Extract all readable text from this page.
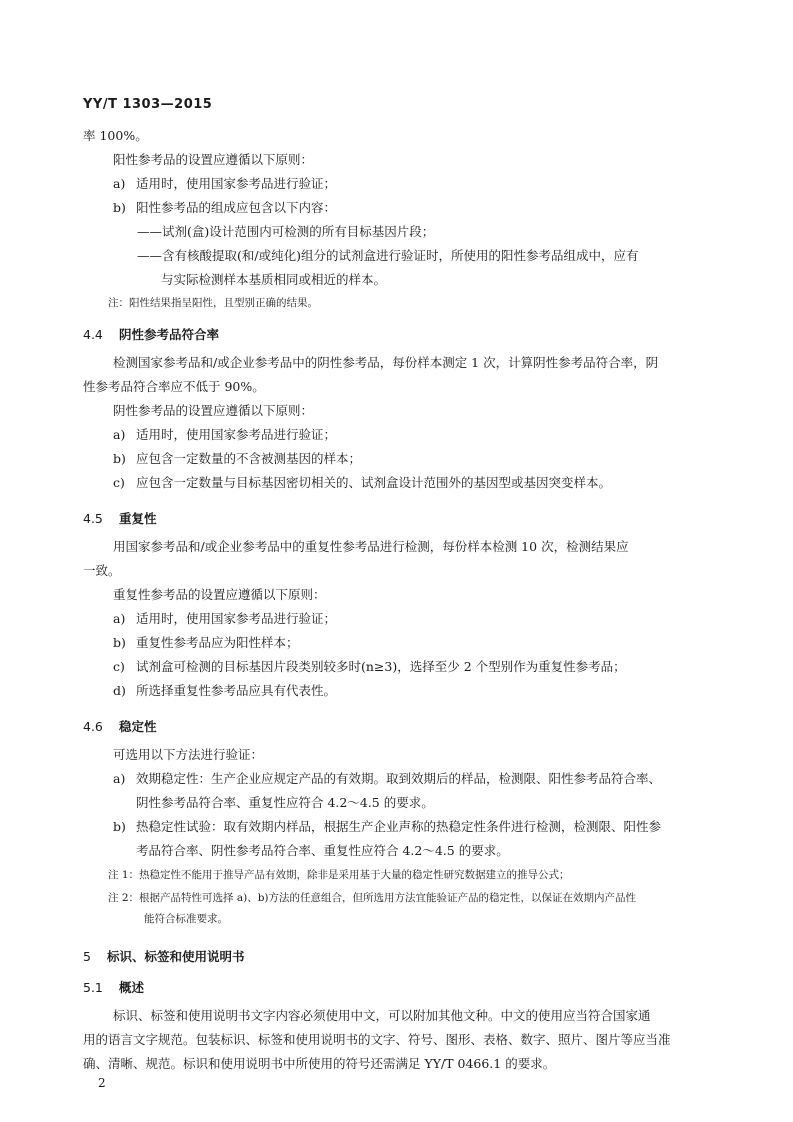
YY/T 1303—2015
率 100%。
阳性参考品的设置应遵循以下原则：
a) 适用时，使用国家参考品进行验证；
b) 阳性参考品的组成应包含以下内容：
——试剂(盒)设计范围内可检测的所有目标基因片段；
——含有核酸提取(和/或纯化)组分的试剂盒进行验证时，所使用的阳性参考品组成中，应有
与实际检测样本基质相同或相近的样本。
注：阳性结果指呈阳性，且型别正确的结果。
4.4 阴性参考品符合率
检测国家参考品和/或企业参考品中的阴性参考品，每份样本测定 1 次，计算阴性参考品符合率，阴
性参考品符合率应不低于 90%。
阴性参考品的设置应遵循以下原则：
a) 适用时，使用国家参考品进行验证；
b) 应包含一定数量的不含被测基因的样本；
c) 应包含一定数量与目标基因密切相关的、试剂盒设计范围外的基因型或基因突变样本。
4.5 重复性
用国家参考品和/或企业参考品中的重复性参考品进行检测，每份样本检测 10 次，检测结果应
一致。
重复性参考品的设置应遵循以下原则：
a) 适用时，使用国家参考品进行验证；
b) 重复性参考品应为阳性样本；
c) 试剂盒可检测的目标基因片段类别较多时(n≥3)，选择至少 2 个型别作为重复性参考品；
d) 所选择重复性参考品应具有代表性。
4.6 稳定性
可选用以下方法进行验证：
a) 效期稳定性：生产企业应规定产品的有效期。取到效期后的样品，检测限、阳性参考品符合率、
阴性参考品符合率、重复性应符合 4.2～4.5 的要求。
b) 热稳定性试验：取有效期内样品，根据生产企业声称的热稳定性条件进行检测，检测限、阳性参
考品符合率、阴性参考品符合率、重复性应符合 4.2～4.5 的要求。
注 1：热稳定性不能用于推导产品有效期，除非是采用基于大量的稳定性研究数据建立的推导公式；
注 2：根据产品特性可选择 a)、b)方法的任意组合，但所选用方法宜能验证产品的稳定性，以保证在效期内产品性
能符合标准要求。
5 标识、标签和使用说明书
5.1 概述
标识、标签和使用说明书文字内容必须使用中文，可以附加其他文种。中文的使用应当符合国家通
用的语言文字规范。包装标识、标签和使用说明书的文字、符号、图形、表格、数字、照片、图片等应当准
确、清晰、规范。标识和使用说明书中所使用的符号还需满足 YY/T 0466.1 的要求。
2
